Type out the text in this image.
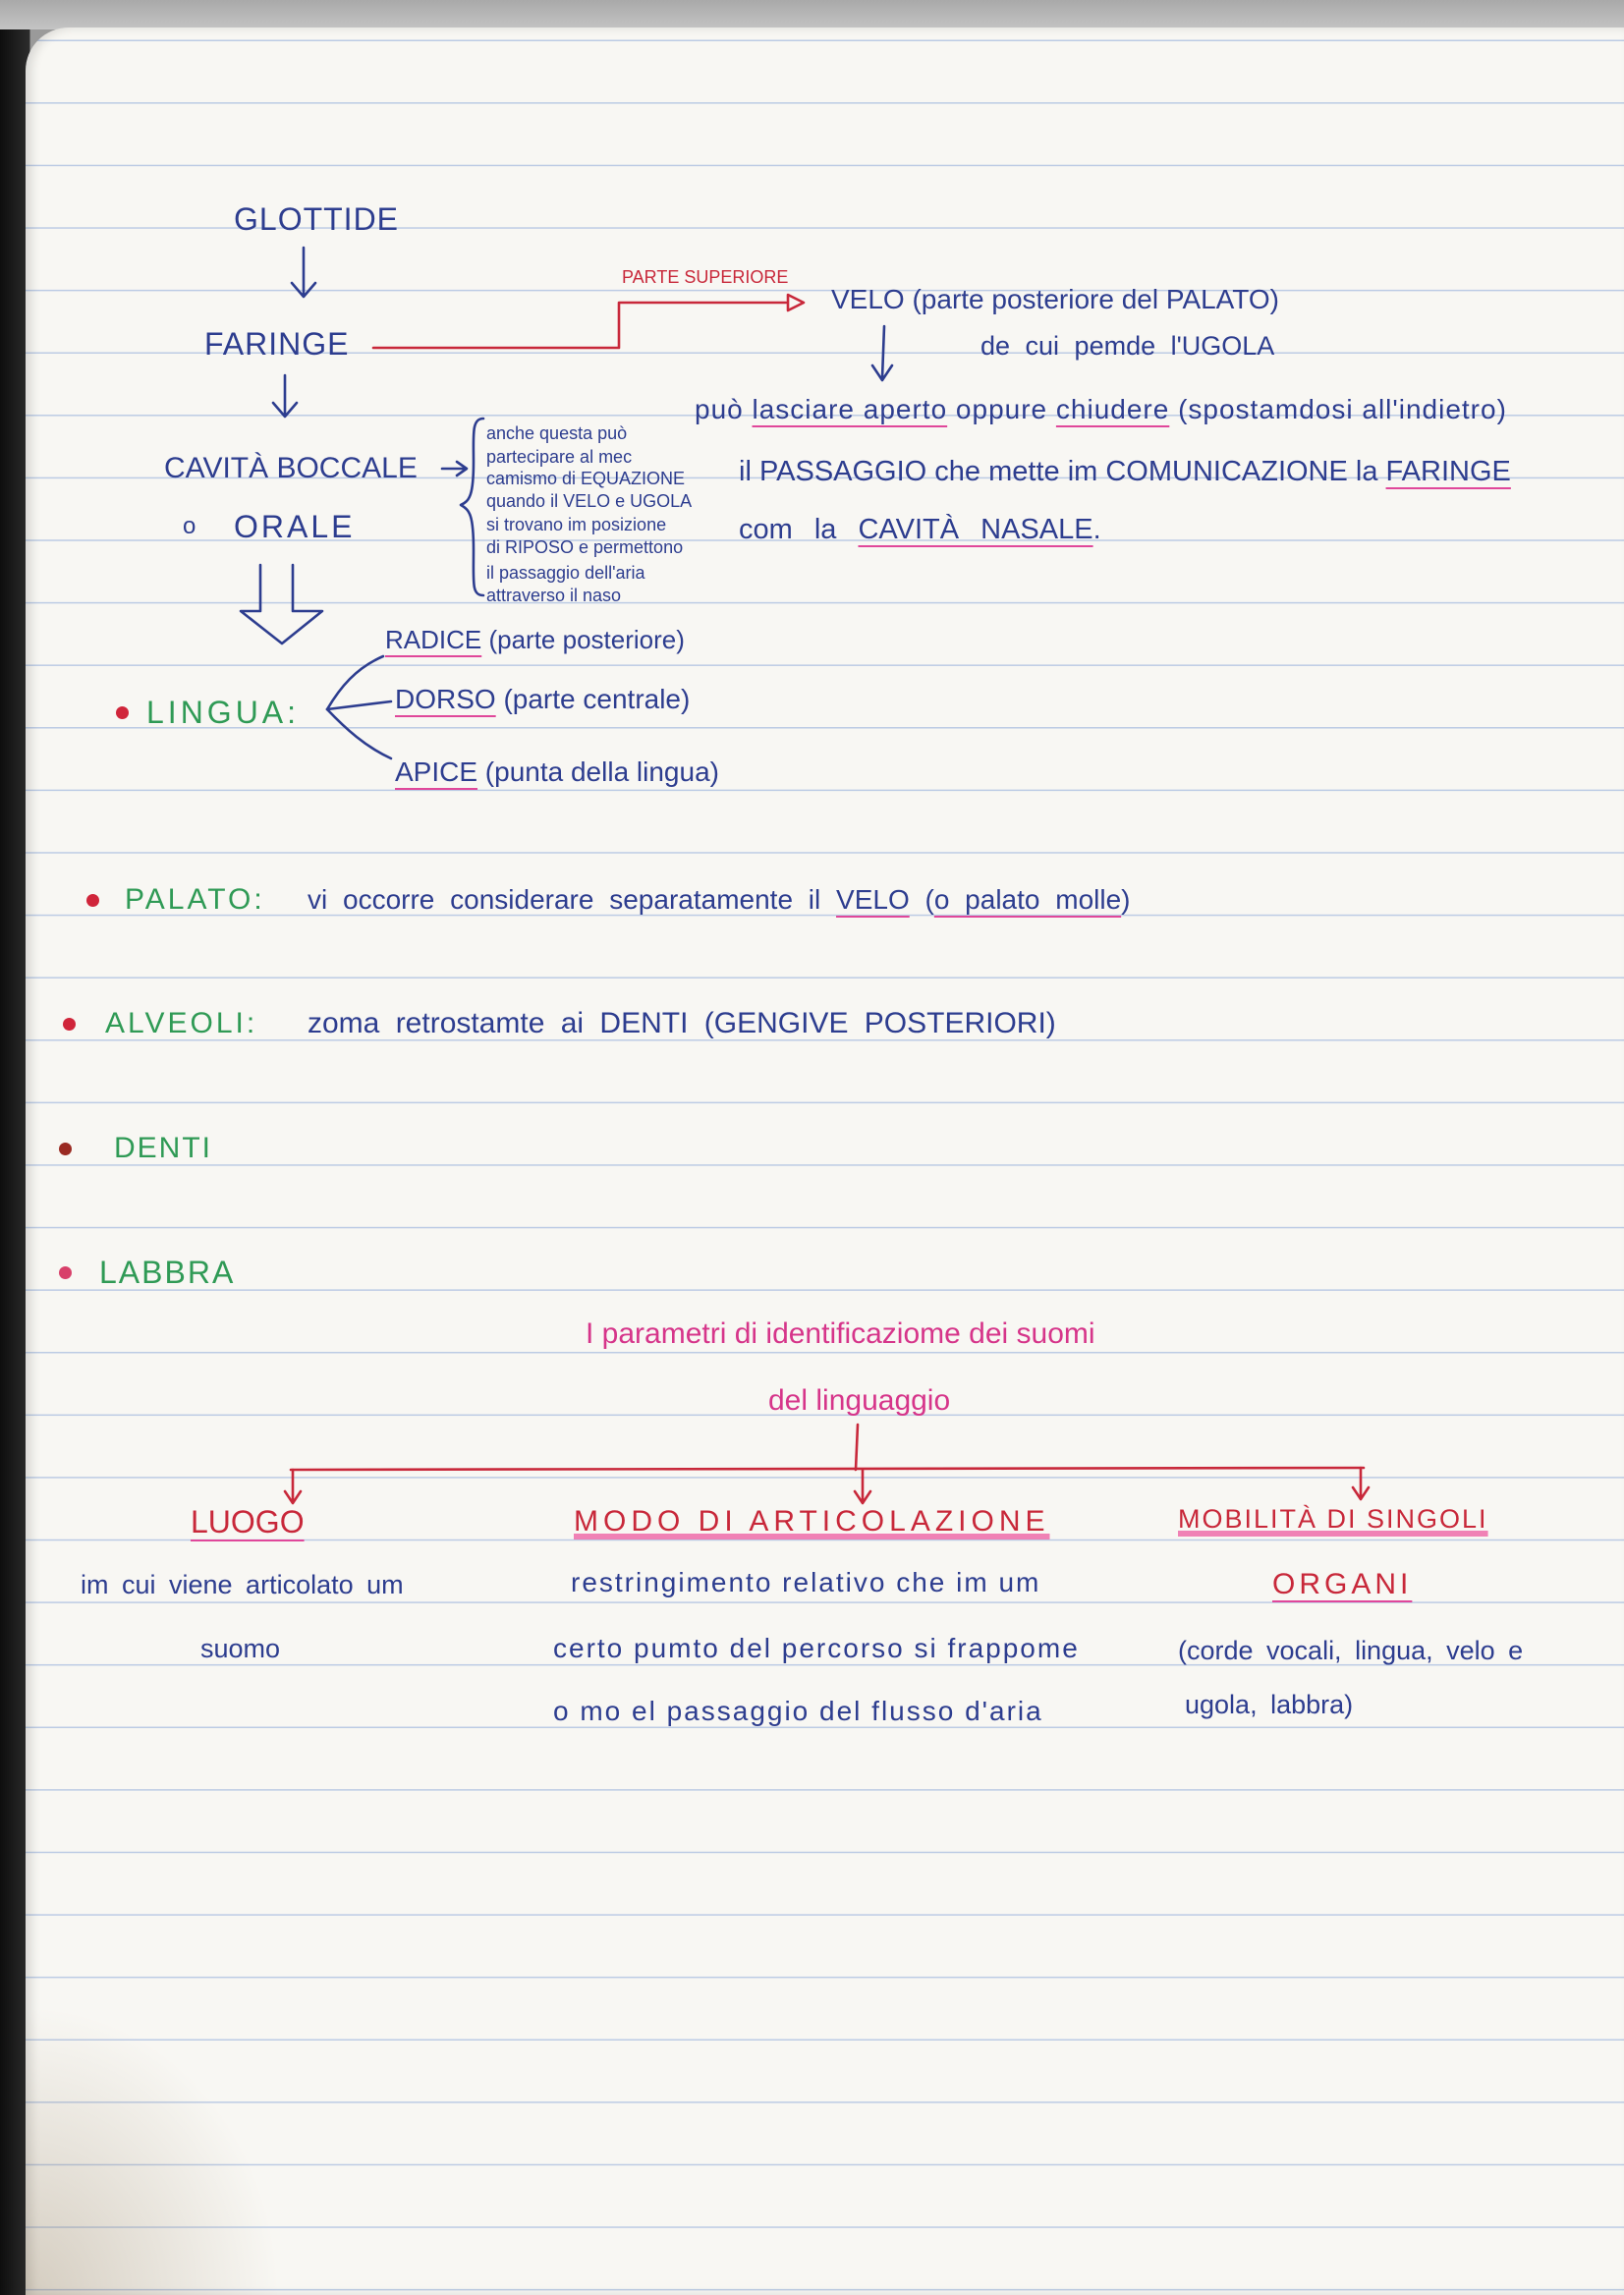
GLOTTIDE
FARINGE
PARTE SUPERIORE
VELO (parte posteriore del PALATO)
de cui pemde l'UGOLA
può lasciare aperto oppure chiudere (spostamdosi all'indietro)
il PASSAGGIO che mette im COMUNICAZIONE la FARINGE
com la CAVITÀ NASALE.
CAVITÀ BOCCALE
o ORALE
anche questa può
partecipare al mec
camismo di EQUAZIONE
quando il VELO e UGOLA
si trovano im posizione
di RIPOSO e permettono
il passaggio dell'aria
attraverso il naso
LINGUA:
RADICE (parte posteriore)
DORSO (parte centrale)
APICE (punta della lingua)
PALATO: vi occorre considerare separatamente il VELO (o palato molle)
ALVEOLI: zoma retrostamte ai DENTI (GENGIVE POSTERIORI)
DENTI
LABBRA
I parametri di identificaziome dei suomi
del linguaggio
LUOGO
im cui viene articolato um
suomo
MODO DI ARTICOLAZIONE
restringimento relativo che im um
certo pumto del percorso si frappome
o mo el passaggio del flusso d'aria
MOBILITÀ DI SINGOLI
ORGANI
(corde vocali, lingua, velo e
ugola, labbra)
